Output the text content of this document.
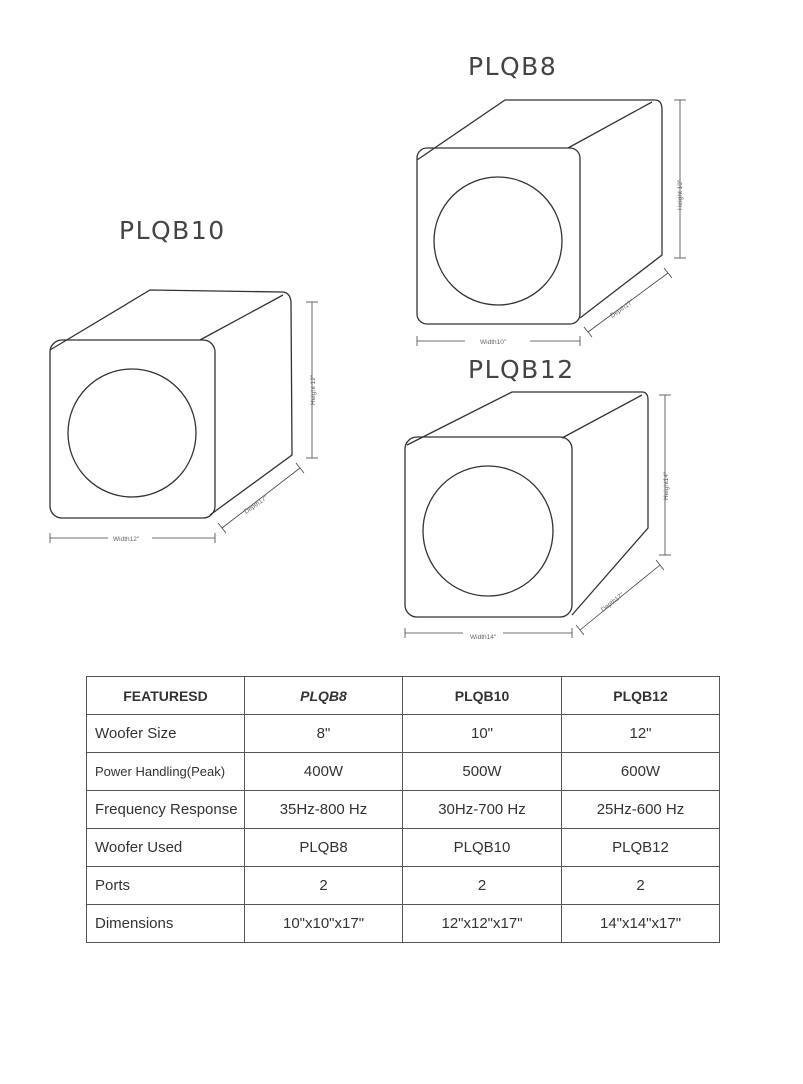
PLQB8
PLQB10
PLQB12
Height 10"
Width10"
Depth17"
Height 12"
Width12"
Depth17"
Height14"
Width14"
Depth17"
FEATURESD	PLQB8	PLQB10	PLQB12
Woofer Size	8"	10"	12"
Power Handling(Peak)	400W	500W	600W
Frequency Response	35Hz-800 Hz	30Hz-700 Hz	25Hz-600 Hz
Woofer Used	PLQB8	PLQB10	PLQB12
Ports	2	2	2
Dimensions	10"x10"x17"	12"x12"x17"	14"x14"x17"
